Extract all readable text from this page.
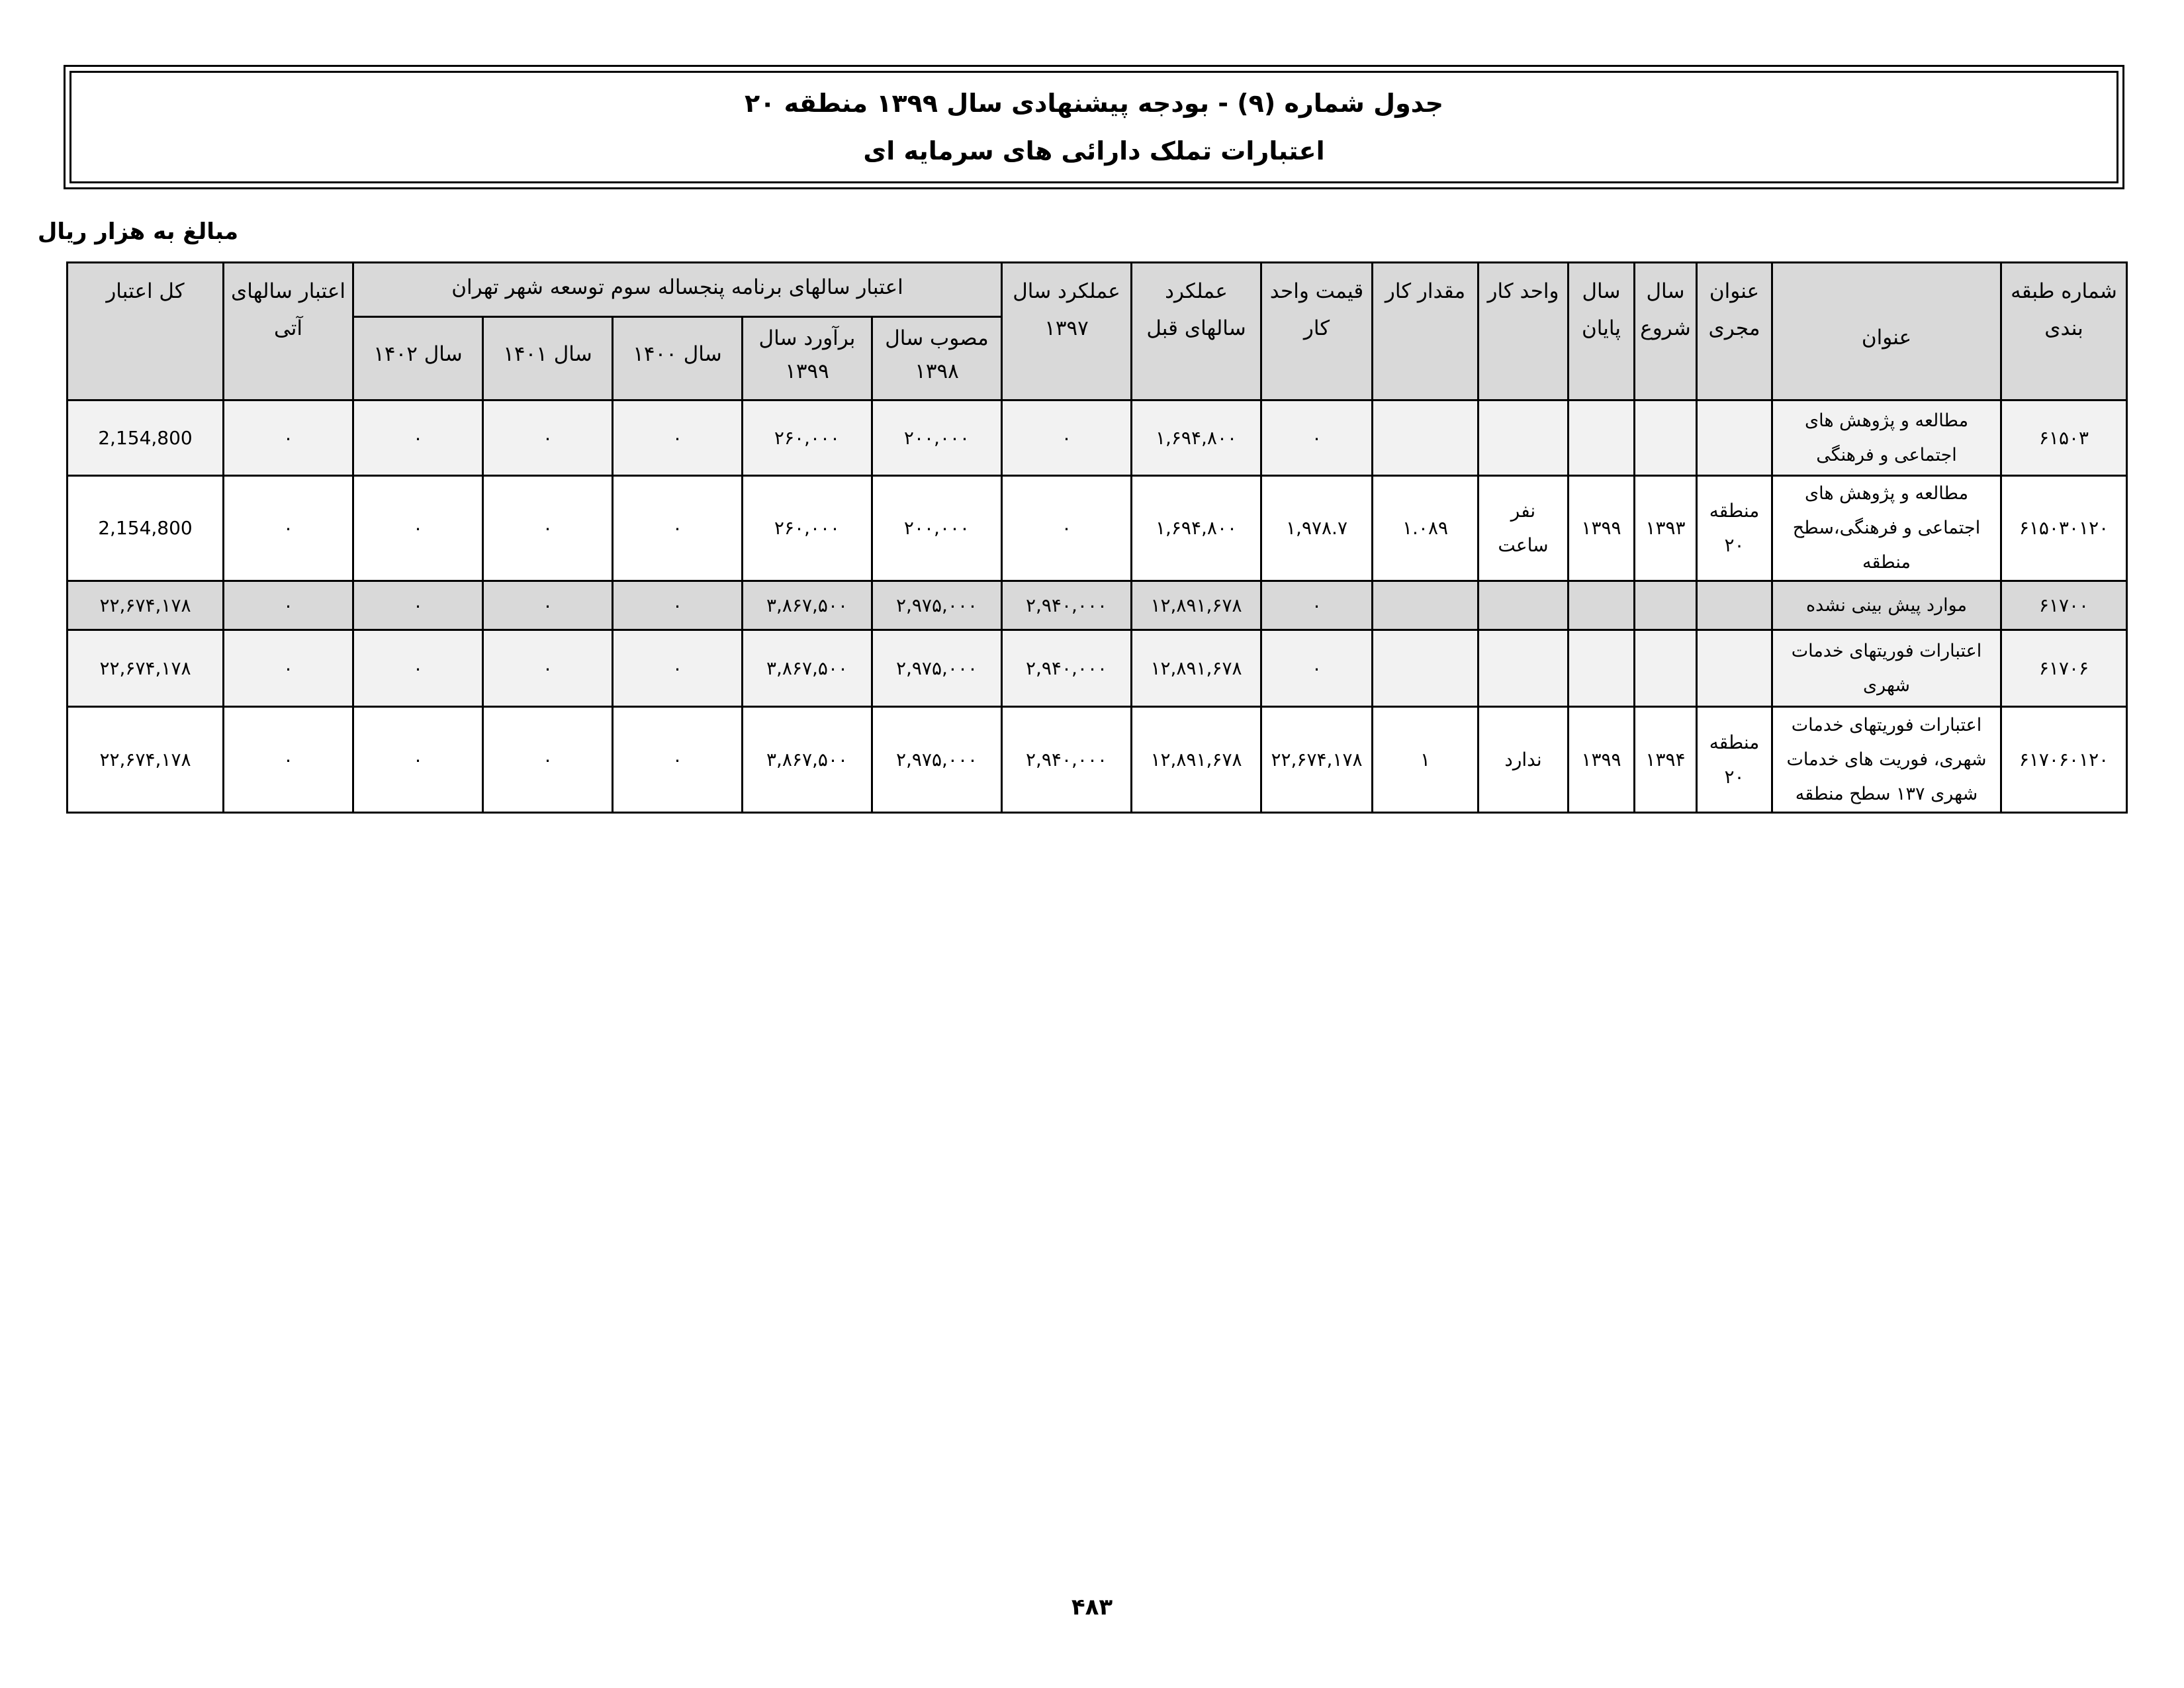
جدول شماره (۹) - بودجه پیشنهادی سال ۱۳۹۹ منطقه ۲۰
اعتبارات تملک دارائی های سرمایه ای
مبالغ به هزار ریال
شماره طبقه بندی	عنوان	عنوان مجری	سال شروع	سال پایان	واحد کار	مقدار کار	قیمت واحد کار	عملکرد سالهای قبل	عملکرد سال ۱۳۹۷	اعتبار سالهای برنامه پنجساله سوم توسعه شهر تهران					اعتبار سالهای آتی	کل اعتبار
										مصوب سال ۱۳۹۸	برآورد سال ۱۳۹۹	سال ۱۴۰۰	سال ۱۴۰۱	سال ۱۴۰۲		
۶۱۵۰۳	مطالعه و پژوهش های اجتماعی و فرهنگی						۰	۱,۶۹۴,۸۰۰	۰	۲۰۰,۰۰۰	۲۶۰,۰۰۰	۰	۰	۰	۰	2,154,800
۶۱۵۰۳۰۱۲۰	مطالعه و پژوهش های اجتماعی و فرهنگی،سطح منطقه	منطقه ۲۰	۱۳۹۳	۱۳۹۹	نفر ساعت	۱.۰۸۹	۱,۹۷۸.۷	۱,۶۹۴,۸۰۰	۰	۲۰۰,۰۰۰	۲۶۰,۰۰۰	۰	۰	۰	۰	2,154,800
۶۱۷۰۰	موارد پیش بینی نشده						۰	۱۲,۸۹۱,۶۷۸	۲,۹۴۰,۰۰۰	۲,۹۷۵,۰۰۰	۳,۸۶۷,۵۰۰	۰	۰	۰	۰	۲۲,۶۷۴,۱۷۸
۶۱۷۰۶	اعتبارات فوریتهای خدمات شهری						۰	۱۲,۸۹۱,۶۷۸	۲,۹۴۰,۰۰۰	۲,۹۷۵,۰۰۰	۳,۸۶۷,۵۰۰	۰	۰	۰	۰	۲۲,۶۷۴,۱۷۸
۶۱۷۰۶۰۱۲۰	اعتبارات فوریتهای خدمات شهری، فوریت های خدمات شهری ۱۳۷ سطح منطقه	منطقه ۲۰	۱۳۹۴	۱۳۹۹	ندارد	۱	۲۲,۶۷۴,۱۷۸	۱۲,۸۹۱,۶۷۸	۲,۹۴۰,۰۰۰	۲,۹۷۵,۰۰۰	۳,۸۶۷,۵۰۰	۰	۰	۰	۰	۲۲,۶۷۴,۱۷۸
۴۸۳
